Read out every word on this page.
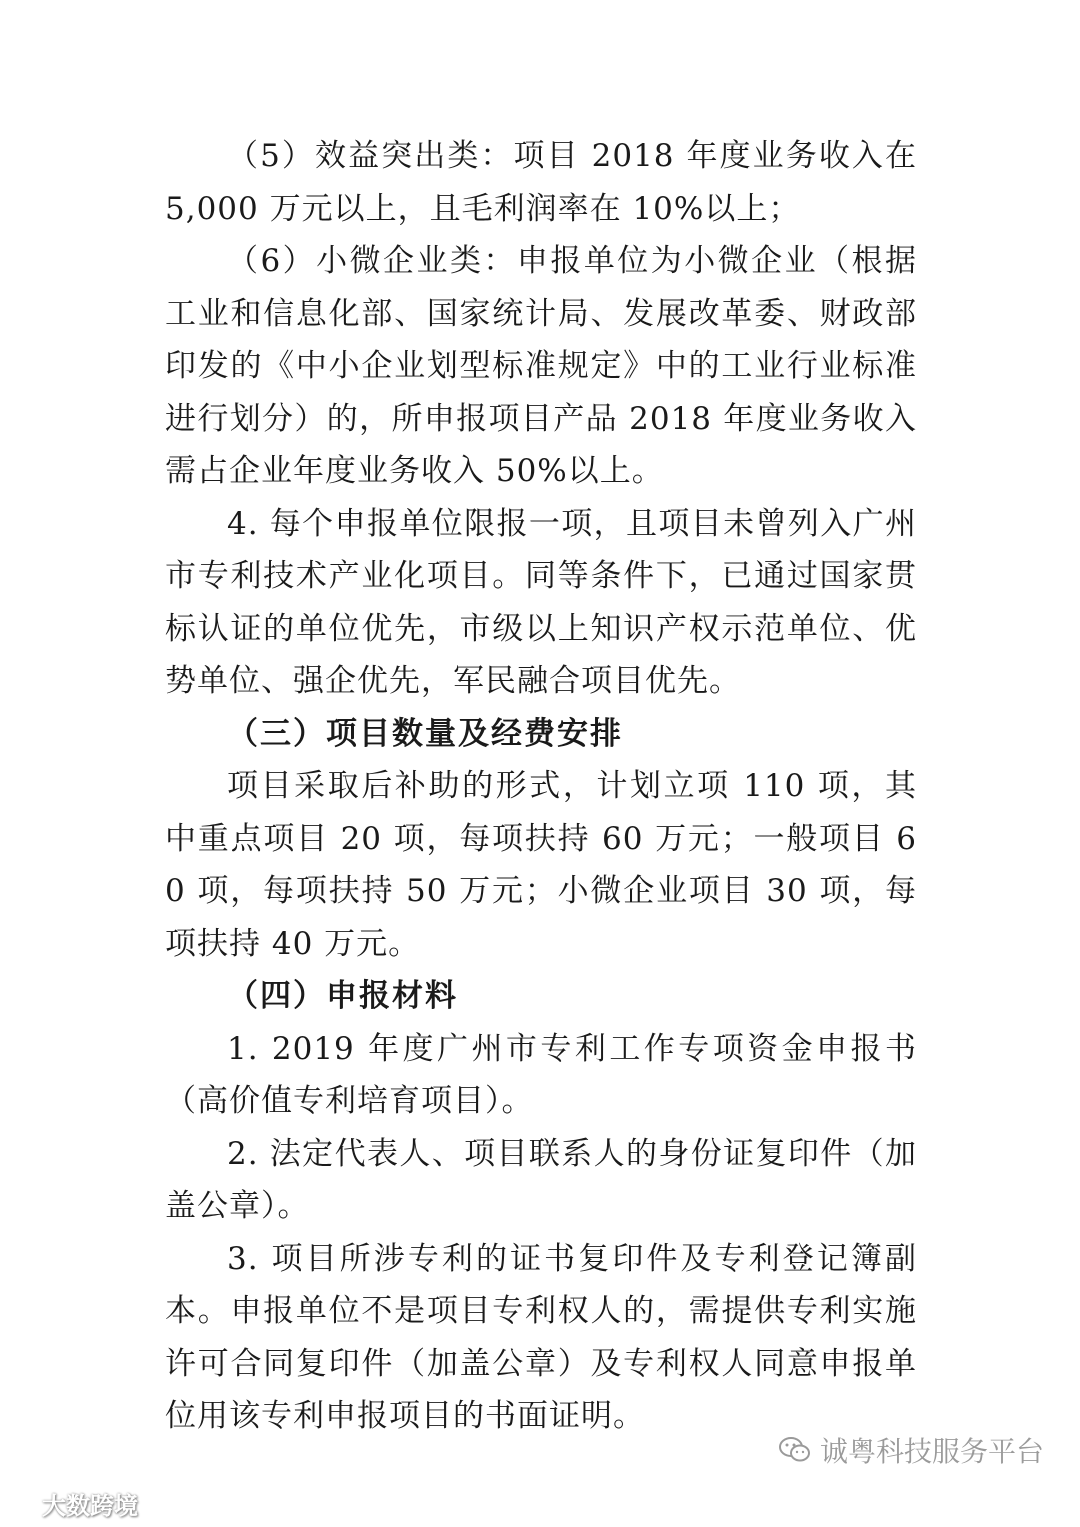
（5）效益突出类：项目 2018 年度业务收入在 5,000 万元以上，且毛利润率在 10%以上；

（6）小微企业类：申报单位为小微企业（根据工业和信息化部、国家统计局、发展改革委、财政部印发的《中小企业划型标准规定》中的工业行业标准进行划分）的，所申报项目产品 2018 年度业务收入需占企业年度业务收入 50%以上。

4. 每个申报单位限报一项，且项目未曾列入广州市专利技术产业化项目。同等条件下，已通过国家贯标认证的单位优先，市级以上知识产权示范单位、优势单位、强企优先，军民融合项目优先。

（三）项目数量及经费安排

项目采取后补助的形式，计划立项 110 项，其中重点项目 20 项，每项扶持 60 万元；一般项目 60 项，每项扶持 50 万元；小微企业项目 30 项，每项扶持 40 万元。

（四）申报材料

1. 2019 年度广州市专利工作专项资金申报书（高价值专利培育项目）。

2. 法定代表人、项目联系人的身份证复印件（加盖公章）。

3. 项目所涉专利的证书复印件及专利登记簿副本。申报单位不是项目专利权人的，需提供专利实施许可合同复印件（加盖公章）及专利权人同意申报单位用该专利申报项目的书面证明。

诚粤科技服务平台
大数跨境
